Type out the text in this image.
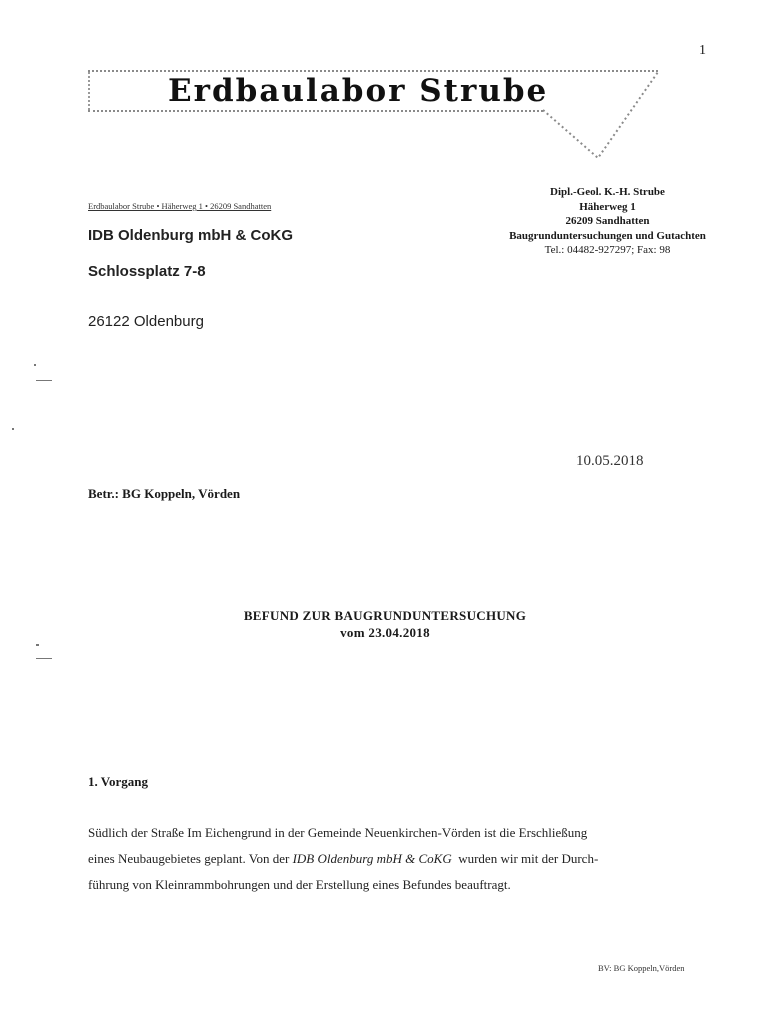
1
Erdbaulabor Strube
Erdbaulabor Strube • Häherweg 1 • 26209 Sandhatten
Dipl.-Geol. K.-H. Strube
Häherweg 1
26209 Sandhatten
Baugrunduntersuchungen und Gutachten
Tel.: 04482-927297; Fax: 98
IDB Oldenburg mbH & CoKG
Schlossplatz 7-8
26122 Oldenburg
10.05.2018
Betr.: BG Koppeln, Vörden
BEFUND ZUR BAUGRUNDUNTERSUCHUNG
vom 23.04.2018
1. Vorgang
Südlich der Straße Im Eichengrund in der Gemeinde Neuenkirchen-Vörden ist die Erschließung
eines Neubaugebietes geplant. Von der IDB Oldenburg mbH & CoKG  wurden wir mit der Durch-
führung von Kleinrammbohrungen und der Erstellung eines Befundes beauftragt.
BV: BG Koppeln,Vörden
